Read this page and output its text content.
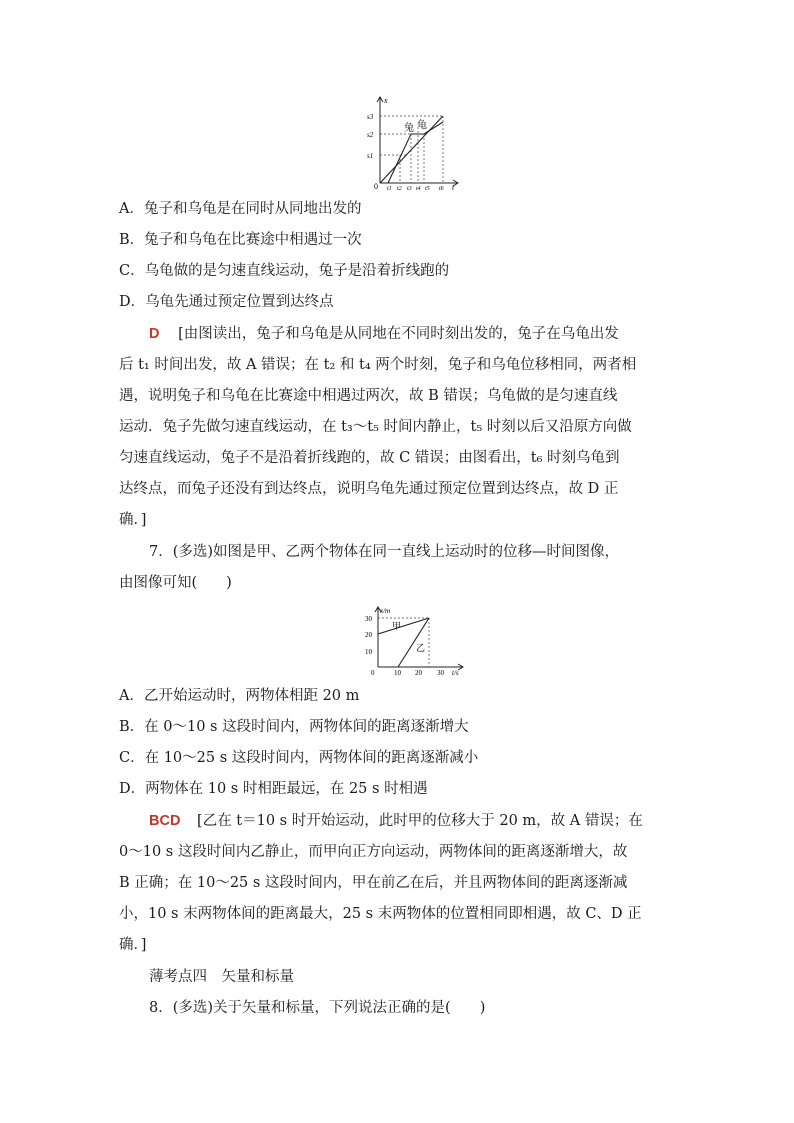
x
s3
s2
s1
0	t
t1 t2 t3 t4 t5 t6
兔 龟
A．兔子和乌龟是在同时从同地出发的
B．兔子和乌龟在比赛途中相遇过一次
C．乌龟做的是匀速直线运动，兔子是沿着折线跑的
D．乌龟先通过预定位置到达终点
D [由图读出，兔子和乌龟是从同地在不同时刻出发的，兔子在乌龟出发
后 t₁ 时间出发，故 A 错误；在 t₂ 和 t₄ 两个时刻，兔子和乌龟位移相同，两者相
遇，说明兔子和乌龟在比赛途中相遇过两次，故 B 错误；乌龟做的是匀速直线
运动．兔子先做匀速直线运动，在 t₃～t₅ 时间内静止，t₅ 时刻以后又沿原方向做
匀速直线运动，兔子不是沿着折线跑的，故 C 错误；由图看出，t₆ 时刻乌龟到
达终点，而兔子还没有到达终点，说明乌龟先通过预定位置到达终点，故 D 正
确．]
7．(多选)如图是甲、乙两个物体在同一直线上运动时的位移—时间图像，
由图像可知(　　)
x/m
30
20
10
0	10 20 30 t/s
甲
乙
A．乙开始运动时，两物体相距 20 m
B．在 0～10 s 这段时间内，两物体间的距离逐渐增大
C．在 10～25 s 这段时间内，两物体间的距离逐渐减小
D．两物体在 10 s 时相距最远，在 25 s 时相遇
BCD [乙在 t＝10 s 时开始运动，此时甲的位移大于 20 m，故 A 错误；在
0～10 s 这段时间内乙静止，而甲向正方向运动，两物体间的距离逐渐增大，故
B 正确；在 10～25 s 这段时间内，甲在前乙在后，并且两物体间的距离逐渐减
小，10 s 末两物体间的距离最大，25 s 末两物体的位置相同即相遇，故 C、D 正
确．]
薄考点四　矢量和标量
8．(多选)关于矢量和标量，下列说法正确的是(　　)
